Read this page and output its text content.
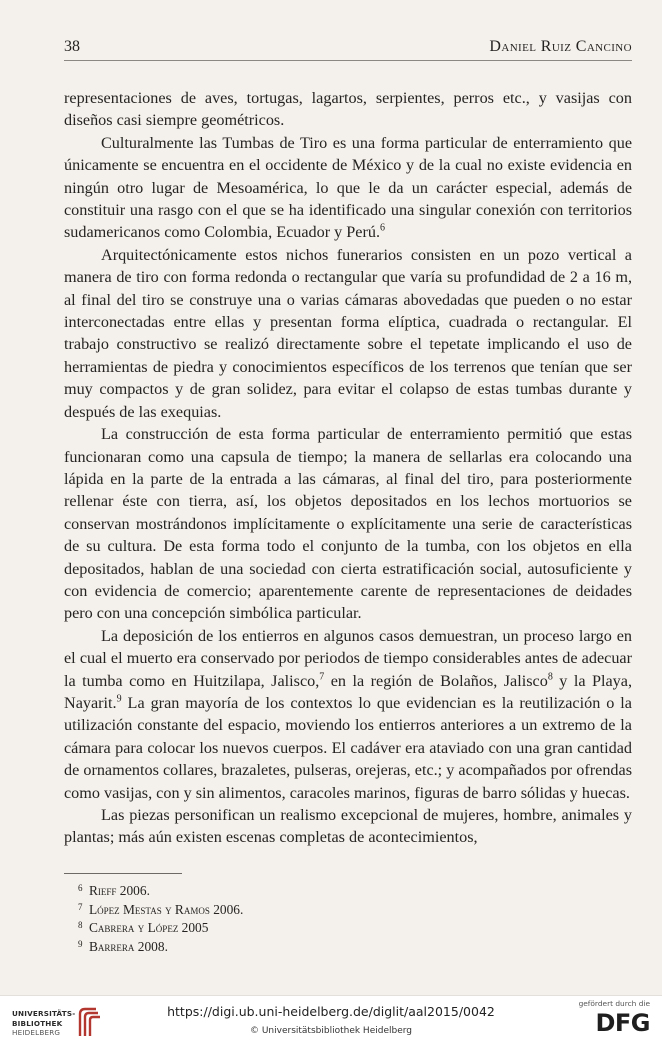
38	Daniel Ruiz Cancino

representaciones de aves, tortugas, lagartos, serpientes, perros etc., y vasijas con diseños casi siempre geométricos.

Culturalmente las Tumbas de Tiro es una forma particular de enterramiento que únicamente se encuentra en el occidente de México y de la cual no existe evidencia en ningún otro lugar de Mesoamérica, lo que le da un carácter especial, además de constituir una rasgo con el que se ha identificado una singular conexión con territorios sudamericanos como Colombia, Ecuador y Perú.$^6$

Arquitectónicamente estos nichos funerarios consisten en un pozo vertical a manera de tiro con forma redonda o rectangular que varía su profundidad de 2 a 16 m, al final del tiro se construye una o varias cámaras abovedadas que pueden o no estar interconectadas entre ellas y presentan forma elíptica, cuadrada o rectangular. El trabajo constructivo se realizó directamente sobre el tepetate implicando el uso de herramientas de piedra y conocimientos específicos de los terrenos que tenían que ser muy compactos y de gran solidez, para evitar el colapso de estas tumbas durante y después de las exequias.

La construcción de esta forma particular de enterramiento permitió que estas funcionaran como una capsula de tiempo; la manera de sellarlas era colocando una lápida en la parte de la entrada a las cámaras, al final del tiro, para posteriormente rellenar éste con tierra, así, los objetos depositados en los lechos mortuorios se conservan mostrándonos implícitamente o explícitamente una serie de características de su cultura. De esta forma todo el conjunto de la tumba, con los objetos en ella depositados, hablan de una sociedad con cierta estratificación social, autosuficiente y con evidencia de comercio; aparentemente carente de representaciones de deidades pero con una concepción simbólica particular.

La deposición de los entierros en algunos casos demuestran, un proceso largo en el cual el muerto era conservado por periodos de tiempo considerables antes de adecuar la tumba como en Huitzilapa, Jalisco,$^7$ en la región de Bolaños, Jalisco$^8$ y la Playa, Nayarit.$^9$ La gran mayoría de los contextos lo que evidencian es la reutilización o la utilización constante del espacio, moviendo los entierros anteriores a un extremo de la cámara para colocar los nuevos cuerpos. El cadáver era ataviado con una gran cantidad de ornamentos collares, brazaletes, pulseras, orejeras, etc.; y acompañados por ofrendas como vasijas, con y sin alimentos, caracoles marinos, figuras de barro sólidas y huecas.

Las piezas personifican un realismo excepcional de mujeres, hombre, animales y plantas; más aún existen escenas completas de acontecimientos,

6 Rieff 2006.
7 López Mestas y Ramos 2006.
8 Cabrera y López 2005
9 Barrera 2008.
UNIVERSITÄTS-
BIBLIOTHEK
HEIDELBERG
https://digi.ub.uni-heidelberg.de/diglit/aal2015/0042
© Universitätsbibliothek Heidelberg
gefördert durch die
DFG
